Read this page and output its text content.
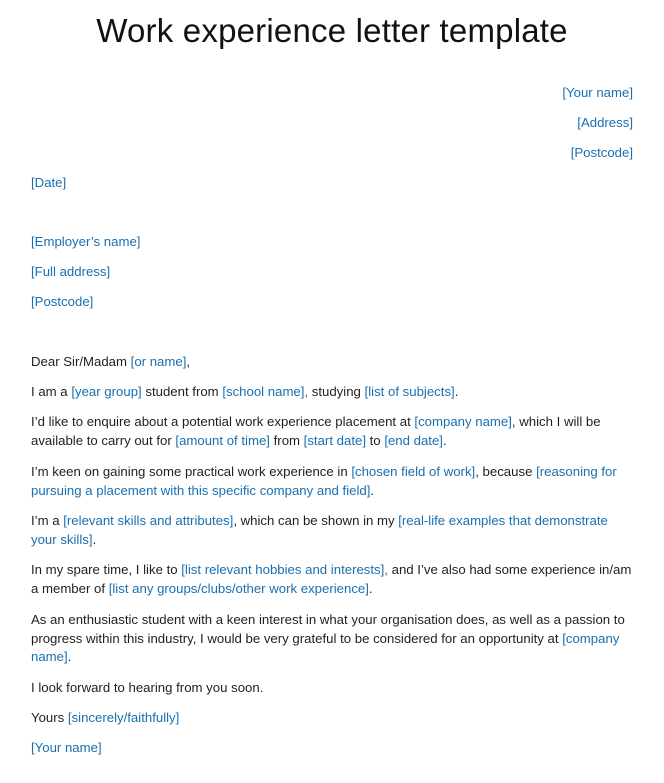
Work experience letter template
[Your name]
[Address]
[Postcode]
[Date]
[Employer’s name]
[Full address]
[Postcode]
Dear Sir/Madam [or name],
I am a [year group] student from [school name], studying [list of subjects].
I’d like to enquire about a potential work experience placement at [company name], which I will be available to carry out for [amount of time] from [start date] to [end date].
I’m keen on gaining some practical work experience in [chosen field of work], because [reasoning for pursuing a placement with this specific company and field].
I’m a [relevant skills and attributes], which can be shown in my [real-life examples that demonstrate your skills].
In my spare time, I like to [list relevant hobbies and interests], and I’ve also had some experience in/am a member of [list any groups/clubs/other work experience].
As an enthusiastic student with a keen interest in what your organisation does, as well as a passion to progress within this industry, I would be very grateful to be considered for an opportunity at [company name].
I look forward to hearing from you soon.
Yours [sincerely/faithfully]
[Your name]
